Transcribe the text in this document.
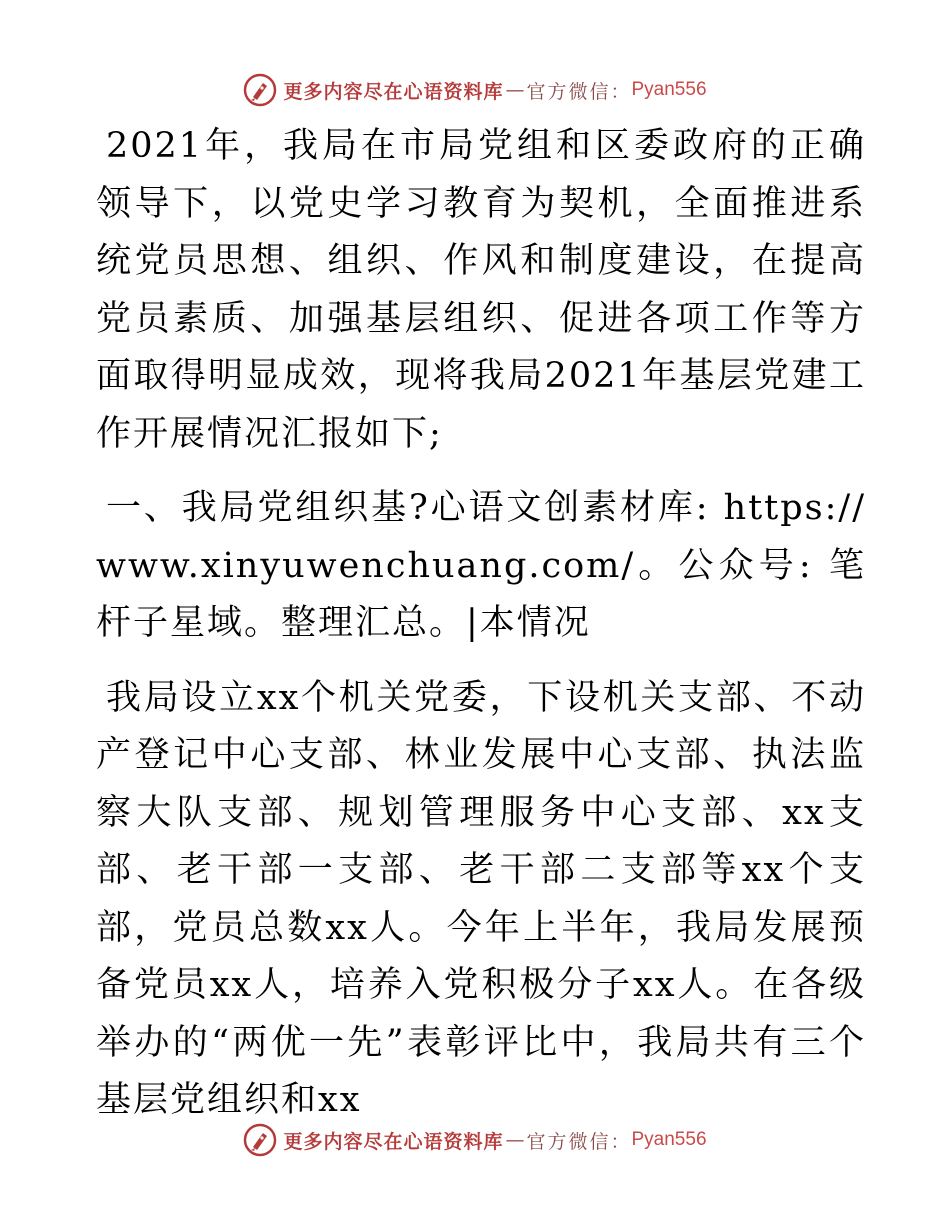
更多内容尽在心语资料库 — 官方微信： Pyan556

2021年，我局在市局党组和区委政府的正确领导下，以党史学习教育为契机，全面推进系统党员思想、组织、作风和制度建设，在提高党员素质、加强基层组织、促进各项工作等方面取得明显成效，现将我局2021年基层党建工作开展情况汇报如下;

一、我局党组织基?心语文创素材库: https://www.xinyuwenchuang.com/。公众号: 笔杆子星域。整理汇总。|本情况

我局设立xx个机关党委，下设机关支部、不动产登记中心支部、林业发展中心支部、执法监察大队支部、规划管理服务中心支部、xx支部、老干部一支部、老干部二支部等xx个支部，党员总数xx人。今年上半年，我局发展预备党员xx人，培养入党积极分子xx人。在各级举办的“两优一先”表彰评比中，我局共有三个基层党组织和xx

更多内容尽在心语资料库 — 官方微信： Pyan556
